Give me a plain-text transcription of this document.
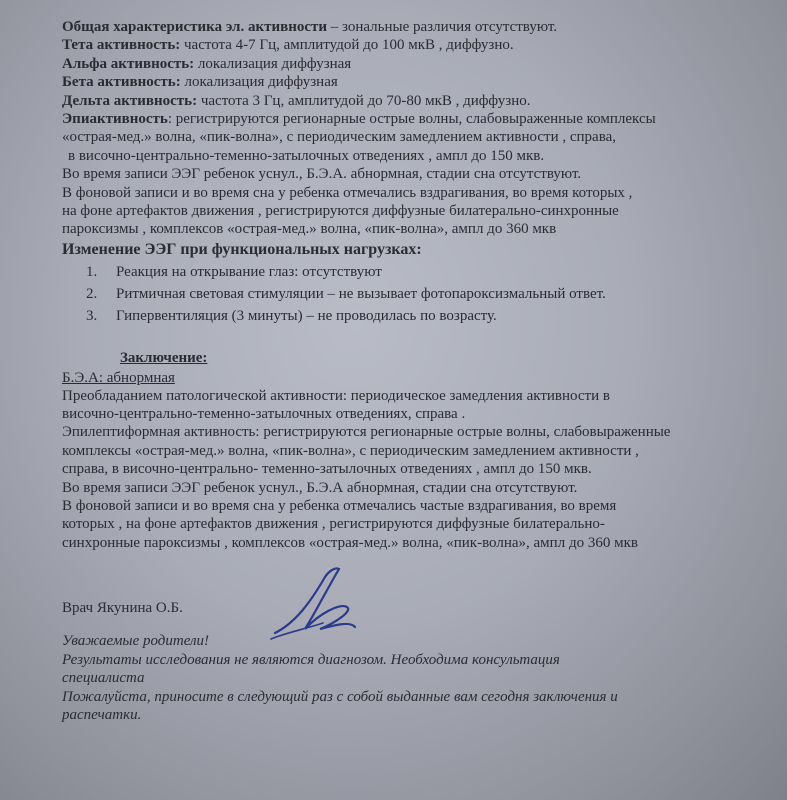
Общая характеристика эл. активности – зональные различия отсутствуют.
Тета активность: частота 4-7 Гц, амплитудой до 100 мкВ , диффузно.
Альфа активность: локализация диффузная
Бета активность: локализация диффузная
Дельта активность: частота 3 Гц, амплитудой до 70-80 мкВ , диффузно.
Эпиактивность: регистрируются регионарные острые волны, слабовыраженные комплексы
«острая-мед.» волна, «пик-волна», с периодическим замедлением активности , справа,
в височно-центрально-теменно-затылочных отведениях , ампл до 150 мкв.
Во время записи ЭЭГ ребенок уснул., Б.Э.А. абнормная, стадии сна отсутствуют.
В фоновой записи и во время сна у ребенка отмечались вздрагивания, во время которых ,
на фоне артефактов движения , регистрируются диффузные билатерально-синхронные
пароксизмы , комплексов «острая-мед.» волна, «пик-волна», ампл до 360 мкв
Изменение ЭЭГ при функциональных нагрузках:
1. Реакция на открывание глаз: отсутствуют
2. Ритмичная световая стимуляции – не вызывает фотопароксизмальный ответ.
3. Гипервентиляция (3 минуты) – не проводилась по возрасту.
Заключение:
Б.Э.А: абнормная
Преобладанием патологической активности: периодическое замедления активности в
височно-центрально-теменно-затылочных отведениях, справа .
Эпилептиформная активность: регистрируются регионарные острые волны, слабовыраженные
комплексы «острая-мед.» волна, «пик-волна», с периодическим замедлением активности ,
справа, в височно-центрально- теменно-затылочных отведениях , ампл до 150 мкв.
Во время записи ЭЭГ ребенок уснул., Б.Э.А абнормная, стадии сна отсутствуют.
В фоновой записи и во время сна у ребенка отмечались частые вздрагивания, во время
которых , на фоне артефактов движения , регистрируются диффузные билатерально-
синхронные пароксизмы , комплексов «острая-мед.» волна, «пик-волна», ампл до 360 мкв
Врач Якунина О.Б.
Уважаемые родители!
Результаты исследования не являются диагнозом. Необходима консультация
специалиста
Пожалуйста, приносите в следующий раз с собой выданные вам сегодня заключения и
распечатки.
